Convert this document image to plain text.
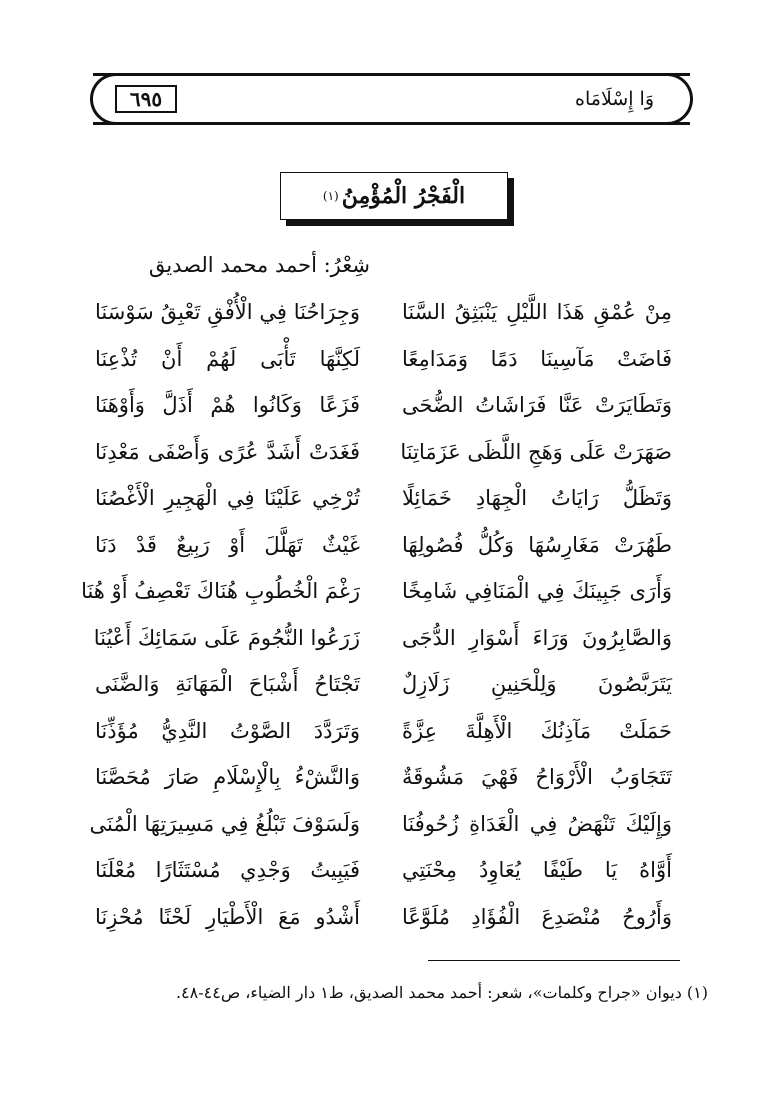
٦٩٥	وَا إِسْلَامَاه
الْفَجْرُ الْمُؤْمِنُ
(١)
شِعْرُ: أحمد محمد الصديق
مِنْ عُمْقِ هَذَا اللَّيْلِ يَنْبَثِقُ السَّنَا
وَجِرَاحُنَا فِي الْأُفْقِ تَعْبِقُ سَوْسَنَا
فَاضَتْ مَآسِينَا دَمًا وَمَدَامِعًا
لَكِنَّهَا تَأْبَى لَهُمْ أَنْ تُذْعِنَا
وَتَطَايَرَتْ عَنَّا فَرَاشَاتُ الضُّحَى
فَزَعًا وَكَانُوا هُمْ أَذَلَّ وَأَوْهَنَا
صَهَرَتْ عَلَى وَهَجِ اللَّظَى عَزَمَاتِنَا
فَغَدَتْ أَشَدَّ عُرًى وَأَصْفَى مَعْدِنَا
وَتَظَلُّ رَايَاتُ الْجِهَادِ خَمَائِلًا
تُرْخِي عَلَيْنَا فِي الْهَجِيرِ الْأَغْصُنَا
طَهُرَتْ مَغَارِسُهَا وَكُلُّ فُصُولِهَا
غَيْثٌ تَهَلَّلَ أَوْ رَبِيعٌ قَدْ دَنَا
وَأَرَى جَبِينَكَ فِي الْمَنَافِي شَامِخًا
رَغْمَ الْخُطُوبِ هُنَاكَ تَعْصِفُ أَوْ هُنَا
وَالصَّابِرُونَ وَرَاءَ أَسْوَارِ الدُّجَى
زَرَعُوا النُّجُومَ عَلَى سَمَائِكَ أَعْيُنَا
يَتَرَبَّصُونَ وَلِلْحَنِينِ زَلَازِلٌ
تَجْتَاحُ أَشْبَاحَ الْمَهَانَةِ وَالضَّنَى
حَمَلَتْ مَآذِنُكَ الْأَهِلَّةَ عِزَّةً
وَتَرَدَّدَ الصَّوْتُ النَّدِيُّ مُؤَذِّنَا
تَتَجَاوَبُ الْأَرْوَاحُ فَهْيَ مَشُوقَةٌ
وَالنَّشْءُ بِالْإِسْلَامِ صَارَ مُحَصَّنَا
وَإِلَيْكَ تَنْهَضُ فِي الْغَدَاةِ زُحُوفُنَا
وَلَسَوْفَ تَبْلُغُ فِي مَسِيرَتِهَا الْمُنَى
أَوَّاهُ يَا طَيْفًا يُعَاوِدُ مِحْنَتِي
فَيَبِيتُ وَجْدِي مُسْتَثَارًا مُعْلَنَا
وَأَرُوحُ مُنْصَدِعَ الْفُؤَادِ مُلَوَّعًا
أَشْدُو مَعَ الْأَطْيَارِ لَحْنًا مُحْزِنَا
(١) ديوان «جراح وكلمات»، شعر: أحمد محمد الصديق، ط١ دار الضياء، ص٤٤-٤٨.
